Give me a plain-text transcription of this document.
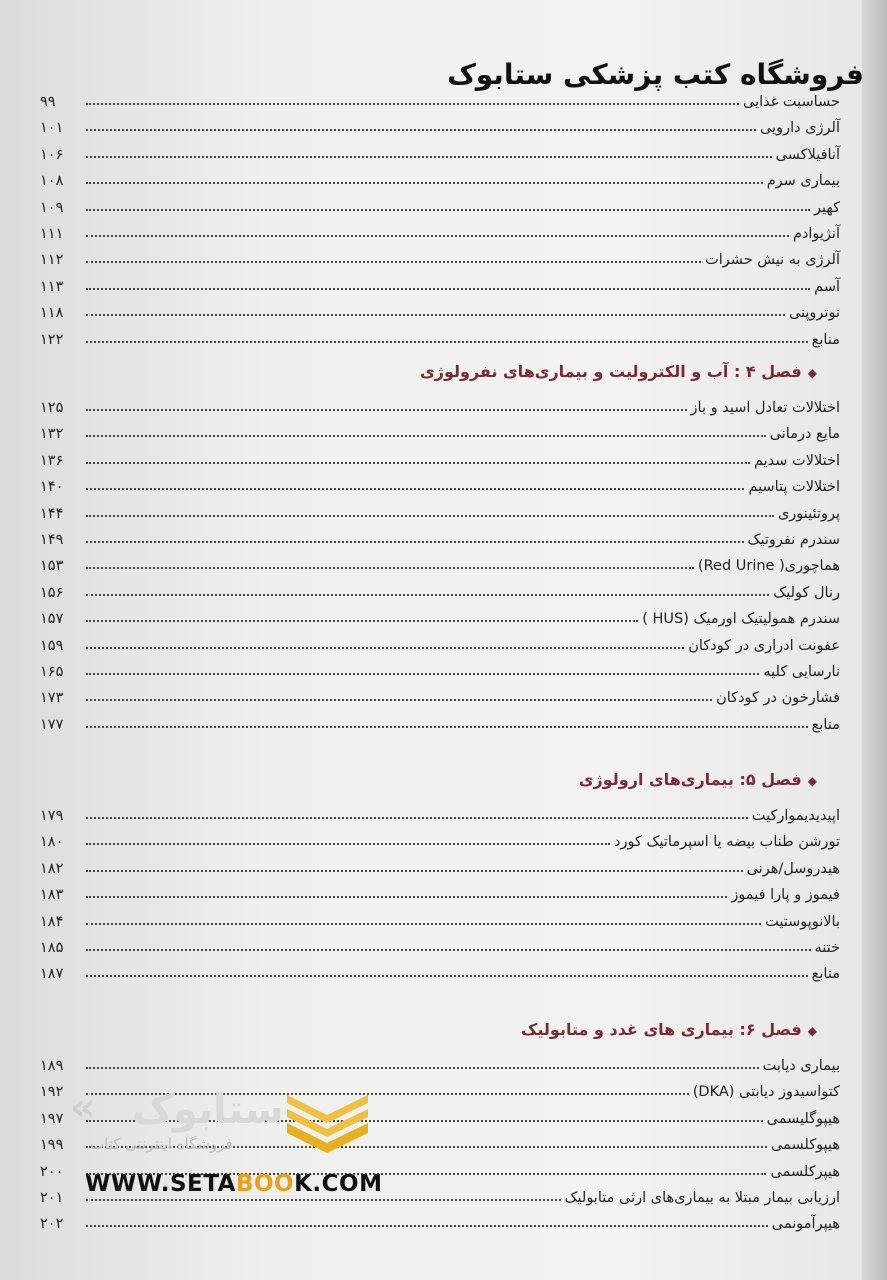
فروشگاه کتب پزشکی ستابوک
حساسیت غذایی
۹۹
آلرژی دارویی
۱۰۱
آنافیلاکسی
۱۰۶
بیماری سرم
۱۰۸
کهیر
۱۰۹
آنژیوادم
۱۱۱
آلرژی به نیش حشرات
۱۱۲
آسم
۱۱۳
نوتروپنی
۱۱۸
منابع
۱۲۲
◆فصل ۴ : آب و الکترولیت و بیماری‌های نفرولوژی
اختلالات تعادل اسید و باز
۱۲۵
مایع درمانی
۱۳۲
اختلالات سدیم
۱۳۶
اختلالات پتاسیم
۱۴۰
پروتئینوری
۱۴۴
سندرم نفروتیک
۱۴۹
هماچوری( Red Urine)
۱۵۳
رنال کولیک
۱۵۶
سندرم همولیتیک اورمیک (HUS )
۱۵۷
عفونت ادراری در کودکان
۱۵۹
نارسایی کلیه
۱۶۵
فشارخون در کودکان
۱۷۳
منابع
۱۷۷
◆فصل ۵: بیماری‌های ارولوژی
اپیدیدیموارکیت
۱۷۹
تورشن طناب بیضه یا اسپرماتیک کورد
۱۸۰
هیدروسل/هرنی
۱۸۲
فیموز و پارا فیموز
۱۸۳
بالانوپوستیت
۱۸۴
ختنه
۱۸۵
منابع
۱۸۷
◆فصل ۶: بیماری های غدد و متابولیک
بیماری دیابت
۱۸۹
کتواسیدوز دیابتی (DKA)
۱۹۲
هیپوگلیسمی
۱۹۷
هیپوکلسمی
۱۹۹
هیپرکلسمی
۲۰۰
ارزیابی بیمار مبتلا به بیماری‌های ارثی متابولیک
۲۰۱
هیپرآمونمی
۲۰۲
‹‹ ستابوک
فروشگاه اینترنتی کتاب
WWW.SETABOOK.COM
